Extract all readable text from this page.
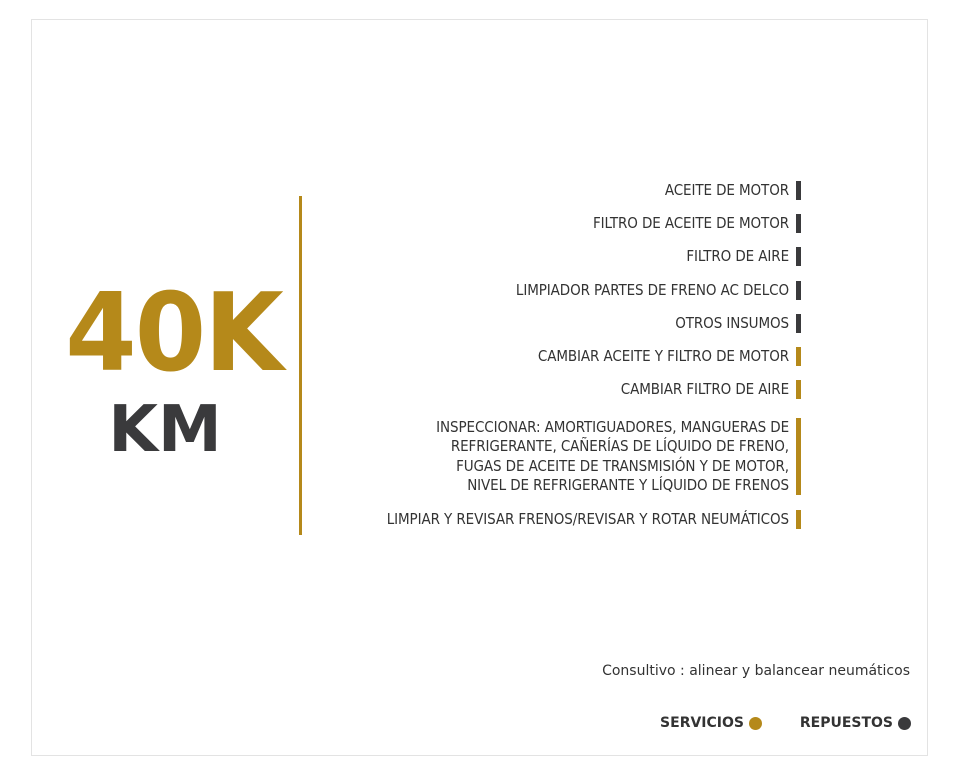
40K
KM
ACEITE DE MOTOR
FILTRO DE ACEITE DE MOTOR
FILTRO DE AIRE
LIMPIADOR PARTES DE FRENO AC DELCO
OTROS INSUMOS
CAMBIAR ACEITE Y FILTRO DE MOTOR
CAMBIAR FILTRO DE AIRE
INSPECCIONAR: AMORTIGUADORES, MANGUERAS DE
REFRIGERANTE, CAÑERÍAS DE LÍQUIDO DE FRENO,
FUGAS DE ACEITE DE TRANSMISIÓN Y DE MOTOR,
NIVEL DE REFRIGERANTE Y LÍQUIDO DE FRENOS
LIMPIAR Y REVISAR FRENOS/REVISAR Y ROTAR NEUMÁTICOS
Consultivo : alinear y balancear neumáticos
SERVICIOS	REPUESTOS
